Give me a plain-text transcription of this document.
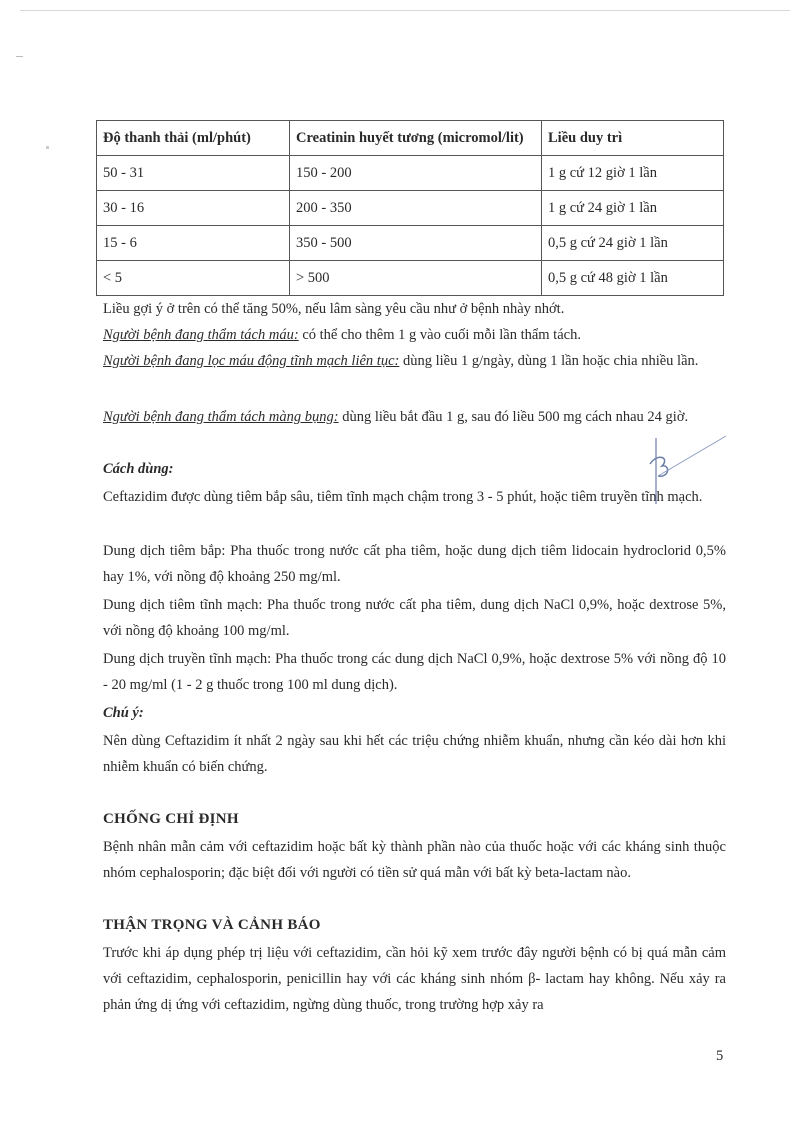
Độ thanh thải (ml/phút)	Creatinin huyết tương (micromol/lit)	Liều duy trì
50 - 31	150 - 200	1 g cứ 12 giờ 1 lần
30 - 16	200 - 350	1 g cứ 24 giờ 1 lần
15 - 6	350 - 500	0,5 g cứ 24 giờ 1 lần
< 5	> 500	0,5 g cứ 48 giờ 1 lần

Liều gợi ý ở trên có thể tăng 50%, nếu lâm sàng yêu cầu như ở bệnh nhày nhớt.

Người bệnh đang thẩm tách máu: có thể cho thêm 1 g vào cuối mỗi lần thẩm tách.

Người bệnh đang lọc máu động tĩnh mạch liên tục: dùng liều 1 g/ngày, dùng 1 lần hoặc chia nhiều lần.

Người bệnh đang thẩm tách màng bụng: dùng liều bắt đầu 1 g, sau đó liều 500 mg cách nhau 24 giờ.

Cách dùng:

Ceftazidim được dùng tiêm bắp sâu, tiêm tĩnh mạch chậm trong 3 - 5 phút, hoặc tiêm truyền tĩnh mạch.

Dung dịch tiêm bắp: Pha thuốc trong nước cất pha tiêm, hoặc dung dịch tiêm lidocain hydroclorid 0,5% hay 1%, với nồng độ khoảng 250 mg/ml.

Dung dịch tiêm tĩnh mạch: Pha thuốc trong nước cất pha tiêm, dung dịch NaCl 0,9%, hoặc dextrose 5%, với nồng độ khoảng 100 mg/ml.

Dung dịch truyền tĩnh mạch: Pha thuốc trong các dung dịch NaCl 0,9%, hoặc dextrose 5% với nồng độ 10 - 20 mg/ml (1 - 2 g thuốc trong 100 ml dung dịch).

Chú ý:

Nên dùng Ceftazidim ít nhất 2 ngày sau khi hết các triệu chứng nhiễm khuẩn, nhưng cần kéo dài hơn khi nhiễm khuẩn có biến chứng.

CHỐNG CHỈ ĐỊNH

Bệnh nhân mẫn cảm với ceftazidim hoặc bất kỳ thành phần nào của thuốc hoặc với các kháng sinh thuộc nhóm cephalosporin; đặc biệt đối với người có tiền sử quá mẫn với bất kỳ beta-lactam nào.

THẬN TRỌNG VÀ CẢNH BÁO

Trước khi áp dụng phép trị liệu với ceftazidim, cần hỏi kỹ xem trước đây người bệnh có bị quá mẫn cảm với ceftazidim, cephalosporin, penicillin hay với các kháng sinh nhóm β- lactam hay không. Nếu xảy ra phản ứng dị ứng với ceftazidim, ngừng dùng thuốc, trong trường hợp xảy ra

5
